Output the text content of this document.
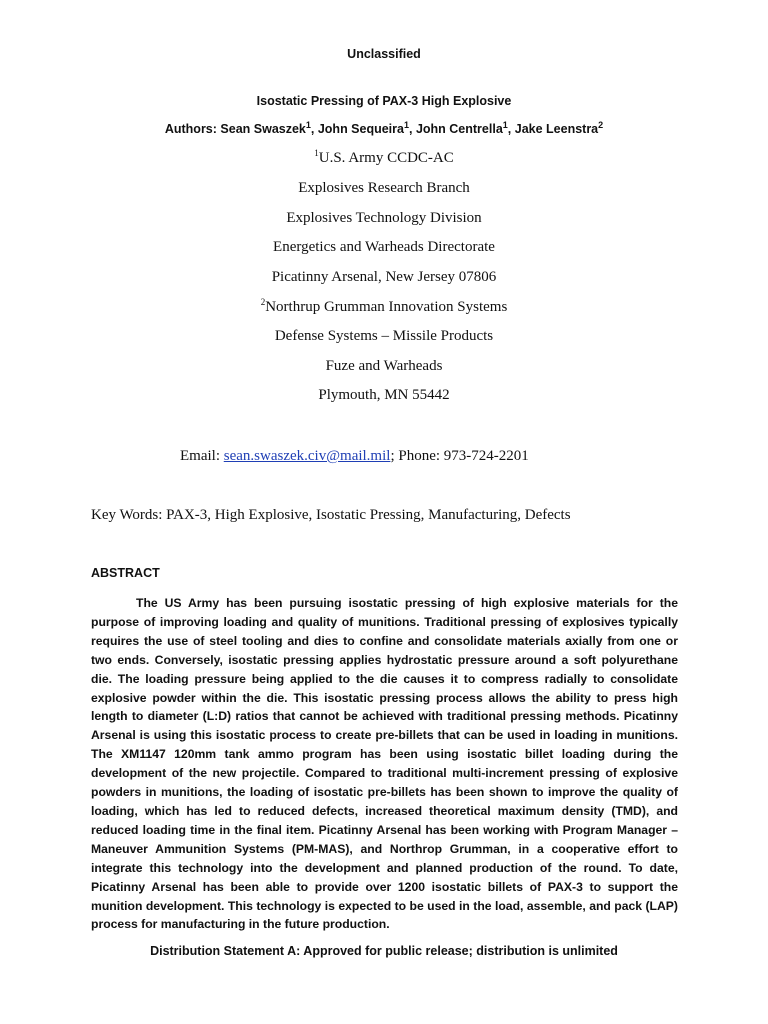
Unclassified
Isostatic Pressing of PAX-3 High Explosive
Authors: Sean Swaszek$^1$, John Sequeira$^1$, John Centrella$^1$, Jake Leenstra$^2$
$^1$U.S. Army CCDC-AC
Explosives Research Branch
Explosives Technology Division
Energetics and Warheads Directorate
Picatinny Arsenal, New Jersey 07806
$^2$Northrup Grumman Innovation Systems
Defense Systems – Missile Products
Fuze and Warheads
Plymouth, MN 55442
Email: sean.swaszek.civ@mail.mil; Phone: 973-724-2201
Key Words: PAX-3, High Explosive, Isostatic Pressing, Manufacturing, Defects
ABSTRACT

The US Army has been pursuing isostatic pressing of high explosive materials for the purpose of improving loading and quality of munitions. Traditional pressing of explosives typically requires the use of steel tooling and dies to confine and consolidate materials axially from one or two ends. Conversely, isostatic pressing applies hydrostatic pressure around a soft polyurethane die. The loading pressure being applied to the die causes it to compress radially to consolidate explosive powder within the die. This isostatic pressing process allows the ability to press high length to diameter (L:D) ratios that cannot be achieved with traditional pressing methods. Picatinny Arsenal is using this isostatic process to create pre-billets that can be used in loading in munitions. The XM1147 120mm tank ammo program has been using isostatic billet loading during the development of the new projectile. Compared to traditional multi-increment pressing of explosive powders in munitions, the loading of isostatic pre-billets has been shown to improve the quality of loading, which has led to reduced defects, increased theoretical maximum density (TMD), and reduced loading time in the final item. Picatinny Arsenal has been working with Program Manager – Maneuver Ammunition Systems (PM-MAS), and Northrop Grumman, in a cooperative effort to integrate this technology into the development and planned production of the round. To date, Picatinny Arsenal has been able to provide over 1200 isostatic billets of PAX-3 to support the munition development. This technology is expected to be used in the load, assemble, and pack (LAP) process for manufacturing in the future production.

Distribution Statement A: Approved for public release; distribution is unlimited
